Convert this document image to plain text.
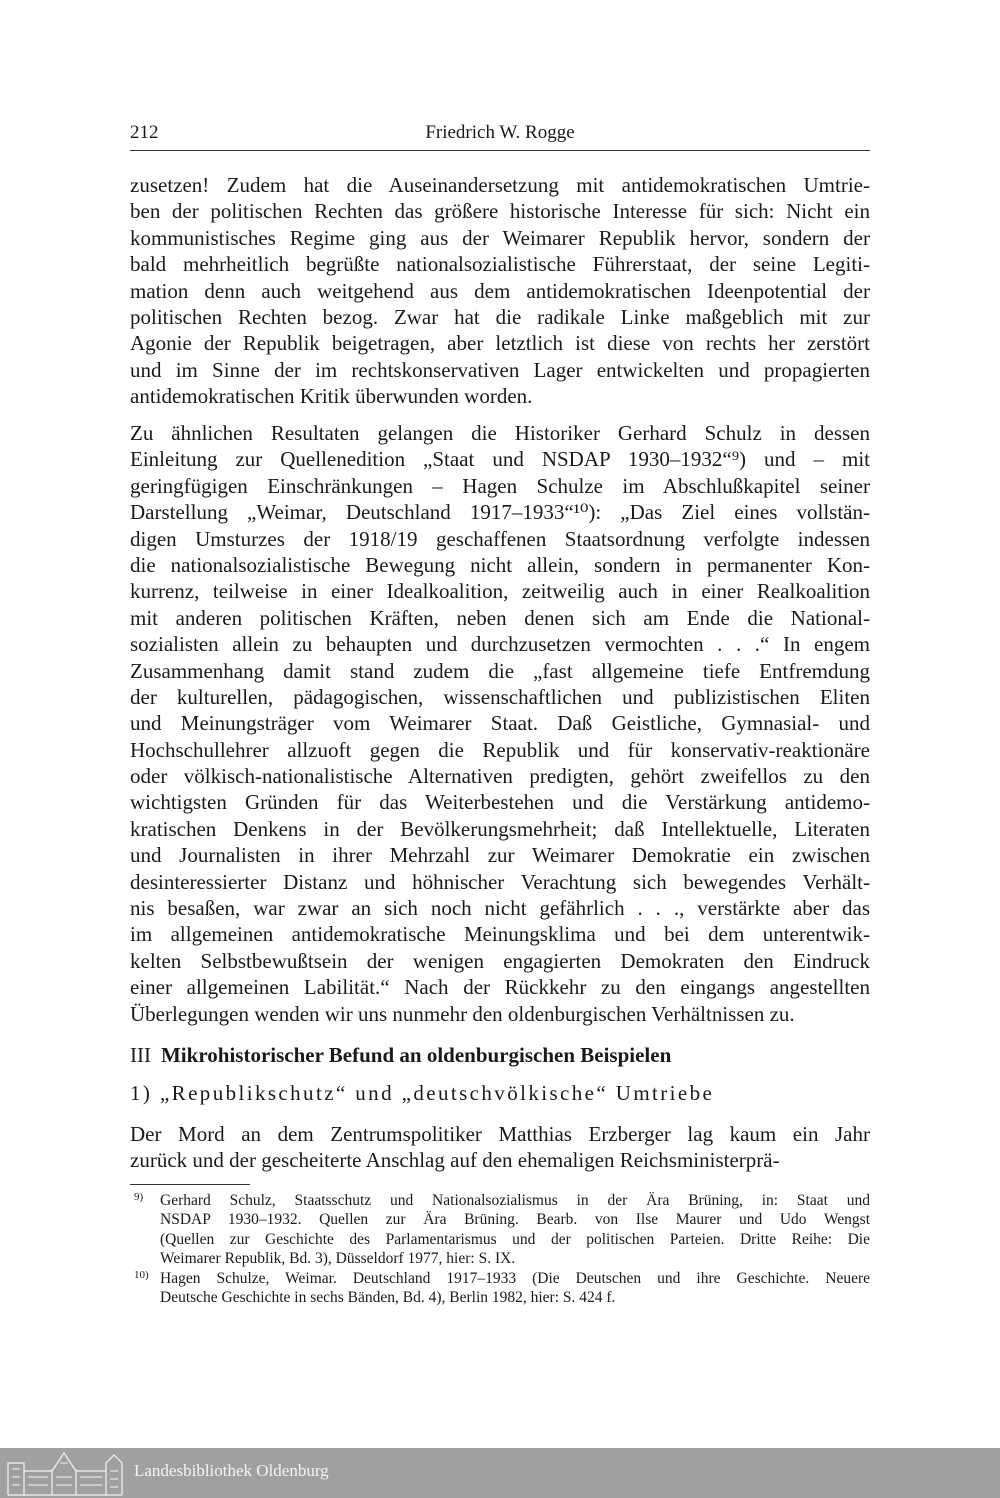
212	Friedrich W. Rogge
zusetzen! Zudem hat die Auseinandersetzung mit antidemokratischen Umtrie-
ben der politischen Rechten das größere historische Interesse für sich: Nicht ein
kommunistisches Regime ging aus der Weimarer Republik hervor, sondern der
bald mehrheitlich begrüßte nationalsozialistische Führerstaat, der seine Legiti-
mation denn auch weitgehend aus dem antidemokratischen Ideenpotential der
politischen Rechten bezog. Zwar hat die radikale Linke maßgeblich mit zur
Agonie der Republik beigetragen, aber letztlich ist diese von rechts her zerstört
und im Sinne der im rechtskonservativen Lager entwickelten und propagierten
antidemokratischen Kritik überwunden worden.
Zu ähnlichen Resultaten gelangen die Historiker Gerhard Schulz in dessen
Einleitung zur Quellenedition „Staat und NSDAP 1930–1932“⁹) und – mit
geringfügigen Einschränkungen – Hagen Schulze im Abschlußkapitel seiner
Darstellung „Weimar, Deutschland 1917–1933“¹⁰): „Das Ziel eines vollstän-
digen Umsturzes der 1918/19 geschaffenen Staatsordnung verfolgte indessen
die nationalsozialistische Bewegung nicht allein, sondern in permanenter Kon-
kurrenz, teilweise in einer Idealkoalition, zeitweilig auch in einer Realkoalition
mit anderen politischen Kräften, neben denen sich am Ende die National-
sozialisten allein zu behaupten und durchzusetzen vermochten . . .“ In engem
Zusammenhang damit stand zudem die „fast allgemeine tiefe Entfremdung
der kulturellen, pädagogischen, wissenschaftlichen und publizistischen Eliten
und Meinungsträger vom Weimarer Staat. Daß Geistliche, Gymnasial- und
Hochschullehrer allzuoft gegen die Republik und für konservativ-reaktionäre
oder völkisch-nationalistische Alternativen predigten, gehört zweifellos zu den
wichtigsten Gründen für das Weiterbestehen und die Verstärkung antidemo-
kratischen Denkens in der Bevölkerungsmehrheit; daß Intellektuelle, Literaten
und Journalisten in ihrer Mehrzahl zur Weimarer Demokratie ein zwischen
desinteressierter Distanz und höhnischer Verachtung sich bewegendes Verhält-
nis besaßen, war zwar an sich noch nicht gefährlich . . ., verstärkte aber das
im allgemeinen antidemokratische Meinungsklima und bei dem unterentwik-
kelten Selbstbewußtsein der wenigen engagierten Demokraten den Eindruck
einer allgemeinen Labilität.“ Nach der Rückkehr zu den eingangs angestellten
Überlegungen wenden wir uns nunmehr den oldenburgischen Verhältnissen zu.
III Mikrohistorischer Befund an oldenburgischen Beispielen
1) „Republikschutz“ und „deutschvölkische“ Umtriebe
Der Mord an dem Zentrumspolitiker Matthias Erzberger lag kaum ein Jahr
zurück und der gescheiterte Anschlag auf den ehemaligen Reichsministerprä-
9) Gerhard Schulz, Staatsschutz und Nationalsozialismus in der Ära Brüning, in: Staat und
NSDAP 1930–1932. Quellen zur Ära Brüning. Bearb. von Ilse Maurer und Udo Wengst
(Quellen zur Geschichte des Parlamentarismus und der politischen Parteien. Dritte Reihe: Die
Weimarer Republik, Bd. 3), Düsseldorf 1977, hier: S. IX.
10) Hagen Schulze, Weimar. Deutschland 1917–1933 (Die Deutschen und ihre Geschichte. Neuere
Deutsche Geschichte in sechs Bänden, Bd. 4), Berlin 1982, hier: S. 424 f.
Landesbibliothek Oldenburg
